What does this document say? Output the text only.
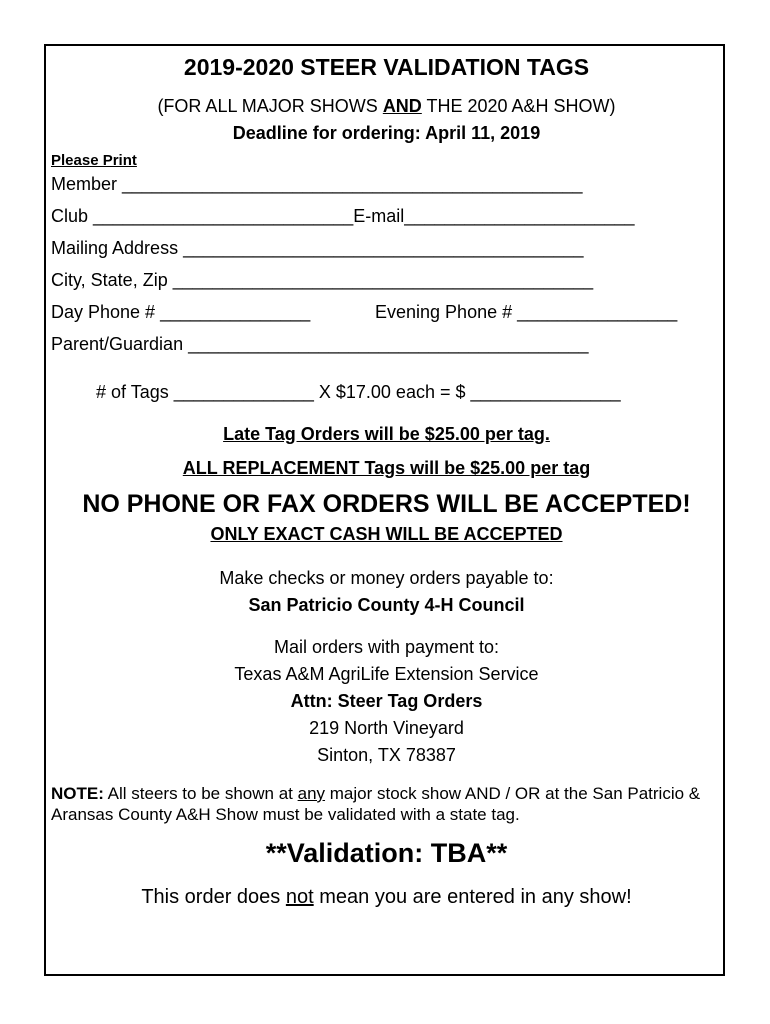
2019-2020 STEER VALIDATION TAGS
(FOR ALL MAJOR SHOWS AND THE 2020 A&H SHOW)
Deadline for ordering: April 11, 2019
Please Print
Member ______________________________________________
Club __________________________E-mail_______________________
Mailing Address ________________________________________
City, State, Zip __________________________________________
Day Phone # _______________	Evening Phone # ________________
Parent/Guardian ________________________________________
# of Tags ______________ X $17.00 each = $ _______________
Late Tag Orders will be $25.00 per tag.
ALL REPLACEMENT Tags will be $25.00 per tag
NO PHONE OR FAX ORDERS WILL BE ACCEPTED!
ONLY EXACT CASH WILL BE ACCEPTED
Make checks or money orders payable to:
San Patricio County 4-H Council
Mail orders with payment to:
Texas A&M AgriLife Extension Service
Attn: Steer Tag Orders
219 North Vineyard
Sinton, TX 78387
NOTE: All steers to be shown at any major stock show AND / OR at the San Patricio & Aransas County A&H Show must be validated with a state tag.
**Validation: TBA**
This order does not mean you are entered in any show!
